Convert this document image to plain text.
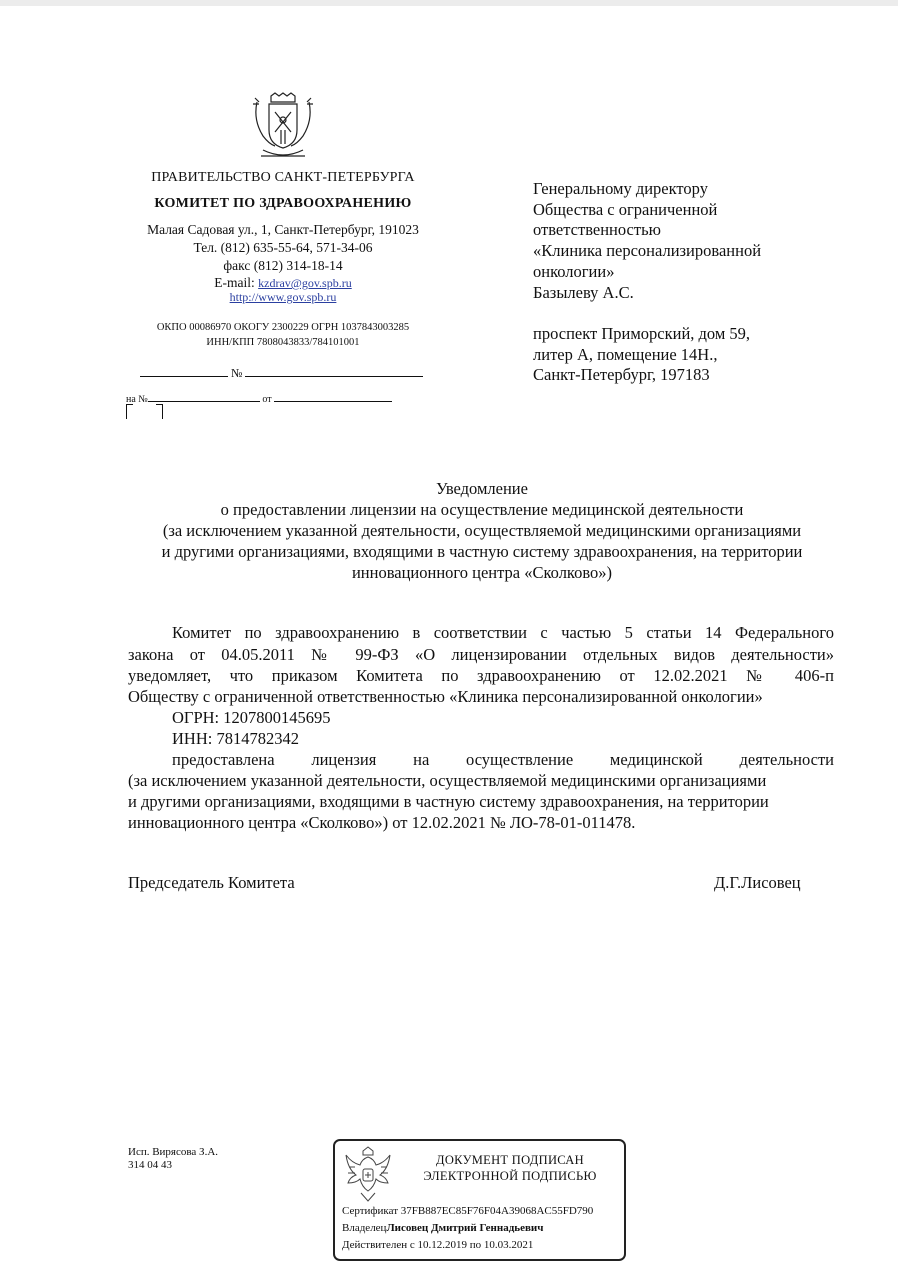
ПРАВИТЕЛЬСТВО САНКТ-ПЕТЕРБУРГА
КОМИТЕТ ПО ЗДРАВООХРАНЕНИЮ
Малая Садовая ул., 1, Санкт-Петербург, 191023
Тел. (812) 635-55-64, 571-34-06
факс (812) 314-18-14
E-mail: kzdrav@gov.spb.ru
http://www.gov.spb.ru
ОКПО 00086970 ОКОГУ 2300229 ОГРН 1037843003285
ИНН/КПП 7808043833/784101001
№
на №	от
Генеральному директору
Общества с ограниченной
ответственностью
«Клиника персонализированной
онкологии»
Базылеву А.С.
проспект Приморский, дом 59,
литер А, помещение 14Н.,
Санкт-Петербург, 197183
Уведомление
о предоставлении лицензии на осуществление медицинской деятельности
(за исключением указанной деятельности, осуществляемой медицинскими организациями
и другими организациями, входящими в частную систему здравоохранения, на территории
инновационного центра «Сколково»)
Комитет по здравоохранению в соответствии с частью 5 статьи 14 Федерального
закона от 04.05.2011 № 99-ФЗ «О лицензировании отдельных видов деятельности»
уведомляет, что приказом Комитета по здравоохранению от 12.02.2021 № 406-п
Обществу с ограниченной ответственностью «Клиника персонализированной онкологии»
ОГРН: 1207800145695
ИНН: 7814782342
предоставлена лицензия на осуществление медицинской деятельности
(за исключением указанной деятельности, осуществляемой медицинскими организациями
и другими организациями, входящими в частную систему здравоохранения, на территории
инновационного центра «Сколково») от 12.02.2021 № ЛО-78-01-011478.
Председатель Комитета	Д.Г.Лисовец
Исп. Вирясова З.А.
314 04 43	ДОКУМЕНТ ПОДПИСАН
ЭЛЕКТРОННОЙ ПОДПИСЬЮ
Сертификат 37FB887EC85F76F04A39068AC55FD790
ВладелецЛисовец Дмитрий Геннадьевич
Действителен с 10.12.2019 по 10.03.2021
